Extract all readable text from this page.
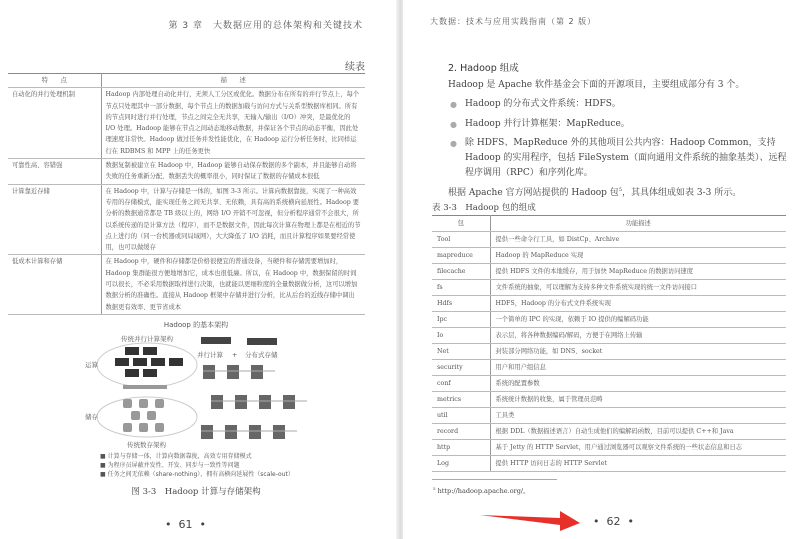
第 3 章　大数据应用的总体架构和关键技术
续表
特　　点	描　　述
自动化的并行处理机制	Hadoop 内部处理自动化并行，无须人工分区或优化。数据分布在所有的并行节点上，每个节点只处理其中一部分数据，每个节点上的数据加载与访问方式与关系型数据库相同。所有的节点同时进行并行处理，节点之间完全无共享，无输入/输出（I/O）冲突，是最优化的 I/O 处理。Hadoop 能够在节点之间动态地移动数据，并保证各个节点的动态平衡，因此处理速度非常快。Hadoop 做过任务并发性能优化，在 Hadoop 运行分析任务时，比同样运行在 RDBMS 和 MPP 上的任务更快
可靠性高、容错强	数据复制被建立在 Hadoop 中，Hadoop 能够自动保存数据的多个副本，并且能够自动将失败的任务重新分配，数据丢失的概率很小，同时保证了数据的存储成本很低
计算靠近存储	在 Hadoop 中，计算与存储是一体的，如图 3-3 所示。计算向数据靠拢，实现了一种高效专用的存储模式，能实现任务之间无共享、无依赖，具有高的系统横向延展性。Hadoop 要分析的数据通常都是 TB 级以上的，网络 I/O 开销不可忽视，但分析程序通常不会很大，所以系统传递的是计算方法（程序），而不是数据文件，因此每次计算在物理上都是在相近的节点上进行的（同一台机器或同局域网），大大降低了 I/O 消耗，而且计算程序如果要经常使用，也可以做缓存
低成本计算和存储	在 Hadoop 中，硬件和存储都是价格很便宜的普通设备，当硬件和存储需要增加时，Hadoop 集群能很方便地增加它，成本也很低廉。所以，在 Hadoop 中，数据保留的时间可以很长，不必采用数据取样进行决策，也就能以更细粒度的全量数据做分析，这可以增加数据分析的准确性。直接从 Hadoop 框架中存储并进行分析，比从后台的近线存储中调出数据更有效率、更节省成本
Hadoop 的基本架构
运算
储存
传统并行计算架构
传统数存架构
并行计算 + 分布式存储
■ 计算与存储一体，计算向数据靠拢，高效专用存储模式
■ 为程序员屏蔽并发性、开发、同步与一致性等问题
■ 任务之间无依赖（share-nothing），拥有高横向延展性（scale-out）
图 3-3　Hadoop 计算与存储架构
•  61  •
大数据：技术与应用实践指南（第 2 版）
2. Hadoop 组成
Hadoop 是 Apache 软件基金会下面的开源项目，主要组成部分有 3 个。
● Hadoop 的分布式文件系统：HDFS。
● Hadoop 并行计算框架：MapReduce。
● 除 HDFS、MapReduce 外的其他项目公共内容：Hadoop Common，支持 Hadoop 的实用程序，包括 FileSystem（面向通用文件系统的抽象基类）、远程程序调用（RPC）和序列化库。
根据 Apache 官方网站提供的 Hadoop 包$^5$，其具体组成如表 3-3 所示。
表 3-3　Hadoop 包的组成
包	功能描述
Tool	提供一些命令行工具，如 DistCp、Archive
mapreduce	Hadoop 的 MapReduce 实现
filecache	提供 HDFS 文件的本地缓存，用于加快 MapReduce 的数据访问速度
fs	文件系统的抽象，可以理解为支持多种文件系统实现的统一文件访问接口
Hdfs	HDFS，Hadoop 的分布式文件系统实现
Ipc	一个简单的 IPC 的实现，依赖于 IO 提供的编解码功能
Io	表示层，将各种数据编码/解码，方便于在网络上传输
Net	封装部分网络功能，如 DNS、socket
security	用户和用户组信息
conf	系统的配置参数
metrics	系统统计数据的收集，属于管理员范畴
util	工具类
record	根据 DDL（数据描述语言）自动生成他们的编解码函数，目前可以提供 C++和 Java
http	基于 Jetty 的 HTTP Servlet，用户通过浏览器可以观察文件系统的一些状态信息和日志
Log	提供 HTTP 访问日志的 HTTP Servlet
$^5$ http://hadoop.apache.org/。
•  62  •
